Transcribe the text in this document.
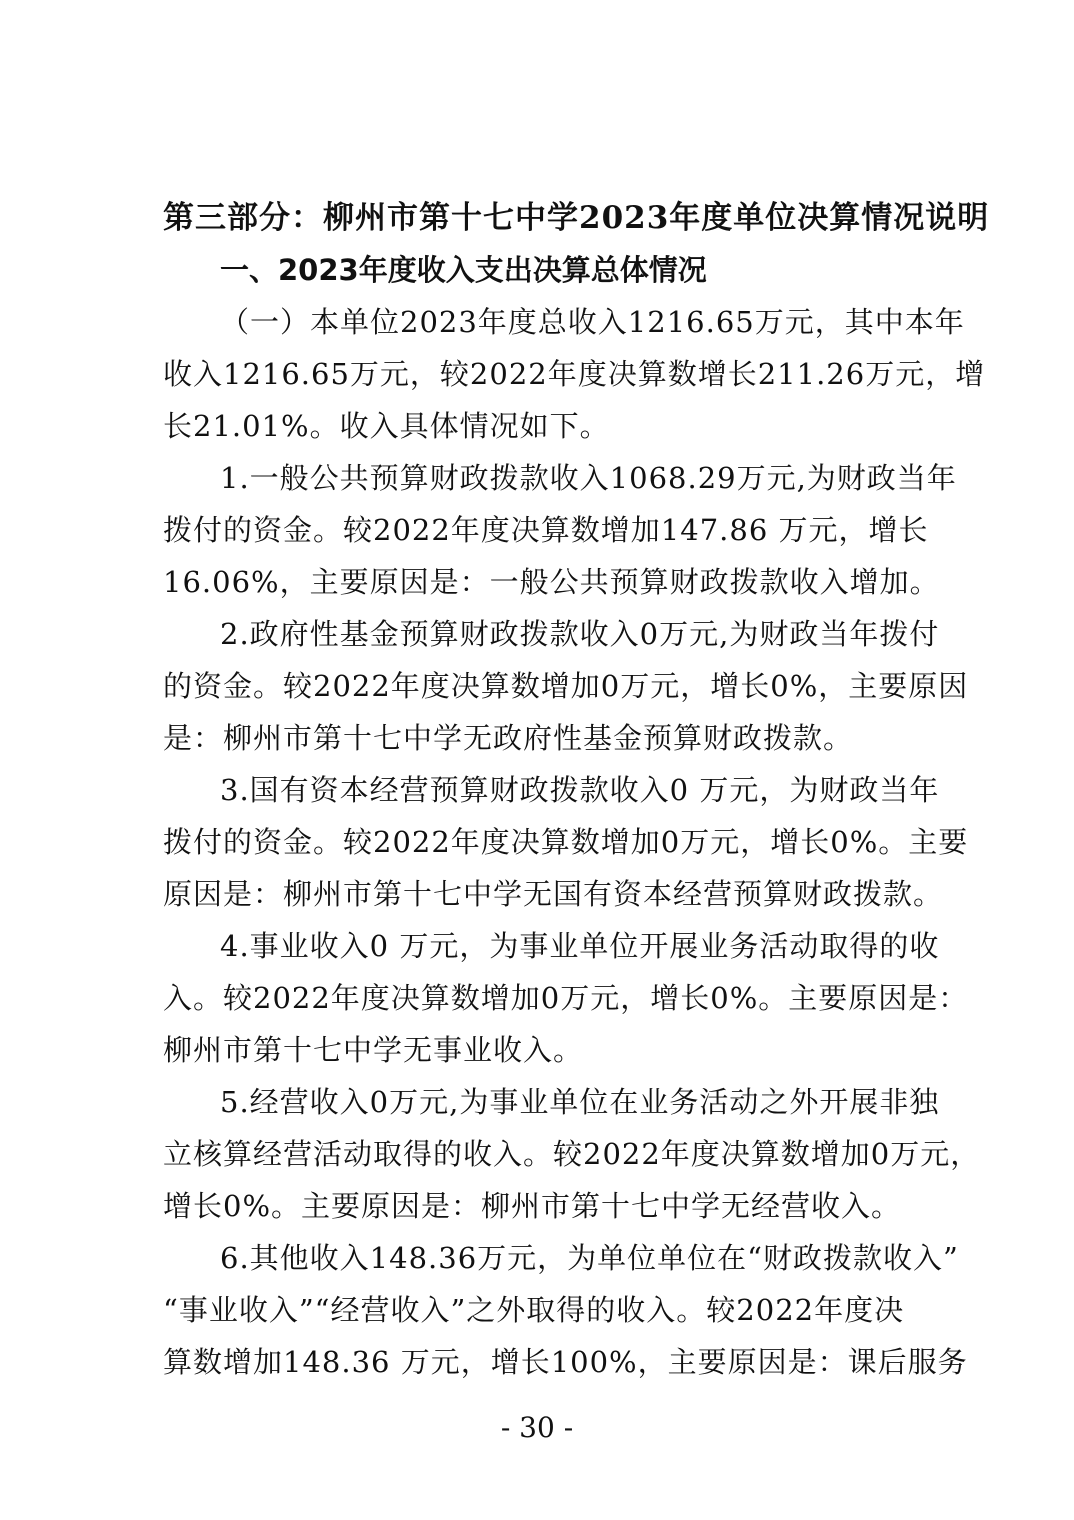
第三部分：柳州市第十七中学2023年度单位决算情况说明
一、2023年度收入支出决算总体情况
（一）本单位2023年度总收入1216.65万元，其中本年
收入1216.65万元，较2022年度决算数增长211.26万元，增
长21.01%。收入具体情况如下。
1.一般公共预算财政拨款收入1068.29万元,为财政当年
拨付的资金。较2022年度决算数增加147.86 万元，增长
16.06%，主要原因是：一般公共预算财政拨款收入增加。
2.政府性基金预算财政拨款收入0万元,为财政当年拨付
的资金。较2022年度决算数增加0万元，增长0%，主要原因
是：柳州市第十七中学无政府性基金预算财政拨款。
3.国有资本经营预算财政拨款收入0 万元，为财政当年
拨付的资金。较2022年度决算数增加0万元，增长0%。主要
原因是：柳州市第十七中学无国有资本经营预算财政拨款。
4.事业收入0 万元，为事业单位开展业务活动取得的收
入。较2022年度决算数增加0万元，增长0%。主要原因是：
柳州市第十七中学无事业收入。
5.经营收入0万元,为事业单位在业务活动之外开展非独
立核算经营活动取得的收入。较2022年度决算数增加0万元，
增长0%。主要原因是：柳州市第十七中学无经营收入。
6.其他收入148.36万元，为单位单位在“财政拨款收入”
“事业收入”“经营收入”之外取得的收入。较2022年度决
算数增加148.36 万元，增长100%，主要原因是：课后服务
- 30 -
